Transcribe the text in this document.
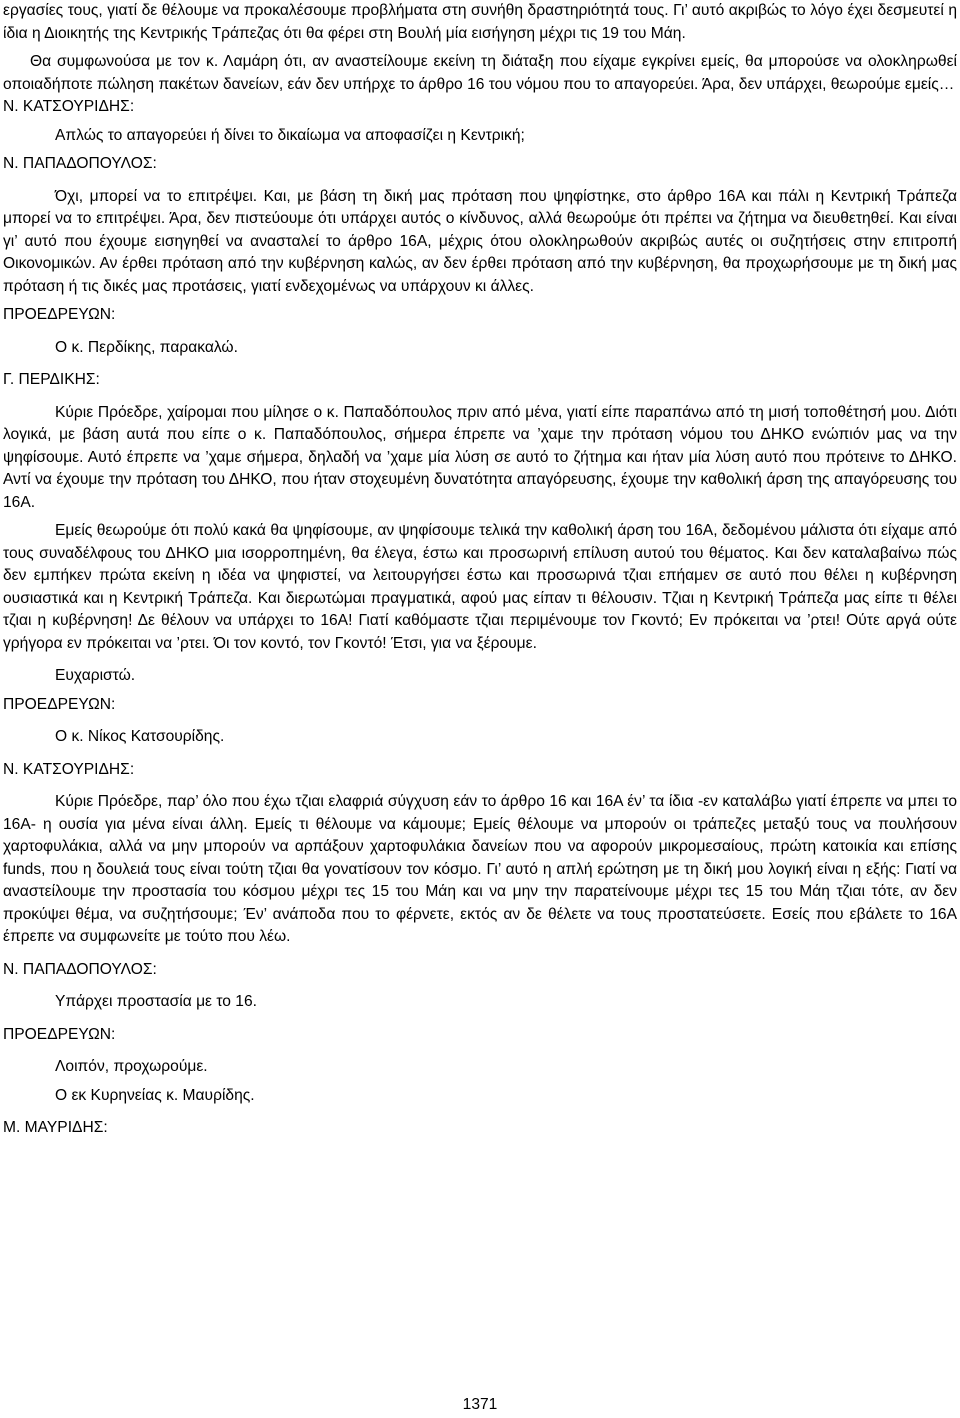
εργασίες τους, γιατί δε θέλουμε να προκαλέσουμε προβλήματα στη συνήθη δραστηριότητά τους. Γι’ αυτό ακριβώς το λόγο έχει δεσμευτεί η ίδια η Διοικητής της Κεντρικής Τράπεζας ότι θα φέρει στη Βουλή μία εισήγηση μέχρι τις 19 του Μάη.

Θα συμφωνούσα με τον κ. Λαμάρη ότι, αν αναστείλουμε εκείνη τη διάταξη που είχαμε εγκρίνει εμείς, θα μπορούσε να ολοκληρωθεί οποιαδήποτε πώληση πακέτων δανείων, εάν δεν υπήρχε το άρθρο 16 του νόμου που το απαγορεύει. Άρα, δεν υπάρχει, θεωρούμε εμείς…

Ν. ΚΑΤΣΟΥΡΙΔΗΣ:

Απλώς το απαγορεύει ή δίνει το δικαίωμα να αποφασίζει η Κεντρική;

Ν. ΠΑΠΑΔΟΠΟΥΛΟΣ:

Όχι, μπορεί να το επιτρέψει. Και, με βάση τη δική μας πρόταση που ψηφίστηκε, στο άρθρο 16Α και πάλι η Κεντρική Τράπεζα μπορεί να το επιτρέψει. Άρα, δεν πιστεύουμε ότι υπάρχει αυτός ο κίνδυνος, αλλά θεωρούμε ότι πρέπει να ζήτημα να διευθετηθεί. Και είναι γι’ αυτό που έχουμε εισηγηθεί να ανασταλεί το άρθρο 16Α, μέχρις ότου ολοκληρωθούν ακριβώς αυτές οι συζητήσεις στην επιτροπή Οικονομικών. Αν έρθει πρόταση από την κυβέρνηση καλώς, αν δεν έρθει πρόταση από την κυβέρνηση, θα προχωρήσουμε με τη δική μας πρόταση ή τις δικές μας προτάσεις, γιατί ενδεχομένως να υπάρχουν κι άλλες.

ΠΡΟΕΔΡΕΥΩΝ:

Ο κ. Περδίκης, παρακαλώ.

Γ. ΠΕΡΔΙΚΗΣ:

Κύριε Πρόεδρε, χαίρομαι που μίλησε ο κ. Παπαδόπουλος πριν από μένα, γιατί είπε παραπάνω από τη μισή τοποθέτησή μου. Διότι λογικά, με βάση αυτά που είπε ο κ. Παπαδόπουλος, σήμερα έπρεπε να ’χαμε την πρόταση νόμου του ΔΗΚΟ ενώπιόν μας να την ψηφίσουμε. Αυτό έπρεπε να ’χαμε σήμερα, δηλαδή να ’χαμε μία λύση σε αυτό το ζήτημα και ήταν μία λύση αυτό που πρότεινε το ΔΗΚΟ. Αντί να έχουμε την πρόταση του ΔΗΚΟ, που ήταν στοχευμένη δυνατότητα απαγόρευσης, έχουμε την καθολική άρση της απαγόρευσης του 16Α.

Εμείς θεωρούμε ότι πολύ κακά θα ψηφίσουμε, αν ψηφίσουμε τελικά την καθολική άρση του 16Α, δεδομένου μάλιστα ότι είχαμε από τους συναδέλφους του ΔΗΚΟ μια ισορροπημένη, θα έλεγα, έστω και προσωρινή επίλυση αυτού του θέματος. Και δεν καταλαβαίνω πώς δεν εμπήκεν πρώτα εκείνη η ιδέα να ψηφιστεί, να λειτουργήσει έστω και προσωρινά τζιαι επήαμεν σε αυτό που θέλει η κυβέρνηση ουσιαστικά και η Κεντρική Τράπεζα. Και διερωτώμαι πραγματικά, αφού μας είπαν τι θέλουσιν. Τζιαι η Κεντρική Τράπεζα μας είπε τι θέλει τζιαι η κυβέρνηση! Δε θέλουν να υπάρχει το 16Α! Γιατί καθόμαστε τζιαι περιμένουμε τον Γκοντό; Εν πρόκειται να ’ρτει! Ούτε αργά ούτε γρήγορα εν πρόκειται να ’ρτει. Όι τον κοντό, τον Γκοντό! Έτσι, για να ξέρουμε.

Ευχαριστώ.

ΠΡΟΕΔΡΕΥΩΝ:

Ο κ. Νίκος Κατσουρίδης.

Ν. ΚΑΤΣΟΥΡΙΔΗΣ:

Κύριε Πρόεδρε, παρ’ όλο που έχω τζιαι ελαφριά σύγχυση εάν το άρθρο 16 και 16Α έν’ τα ίδια -εν καταλάβω γιατί έπρεπε να μπει το 16Α- η ουσία για μένα είναι άλλη. Εμείς τι θέλουμε να κάμουμε; Εμείς θέλουμε να μπορούν οι τράπεζες μεταξύ τους να πουλήσουν χαρτοφυλάκια, αλλά να μην μπορούν να αρπάξουν χαρτοφυλάκια δανείων που να αφορούν μικρομεσαίους, πρώτη κατοικία και επίσης funds, που η δουλειά τους είναι τούτη τζιαι θα γονατίσουν τον κόσμο. Γι’ αυτό η απλή ερώτηση με τη δική μου λογική είναι η εξής: Γιατί να αναστείλουμε την προστασία του κόσμου μέχρι τες 15 του Μάη και να μην την παρατείνουμε μέχρι τες 15 του Μάη τζιαι τότε, αν δεν προκύψει θέμα, να συζητήσουμε; Έν’ ανάποδα που το φέρνετε, εκτός αν δε θέλετε να τους προστατεύσετε. Εσείς που εβάλετε το 16Α έπρεπε να συμφωνείτε με τούτο που λέω.

Ν. ΠΑΠΑΔΟΠΟΥΛΟΣ:

Υπάρχει προστασία με το 16.

ΠΡΟΕΔΡΕΥΩΝ:

Λοιπόν, προχωρούμε.

Ο εκ Κυρηνείας κ. Μαυρίδης.

Μ. ΜΑΥΡΙΔΗΣ:
1371
